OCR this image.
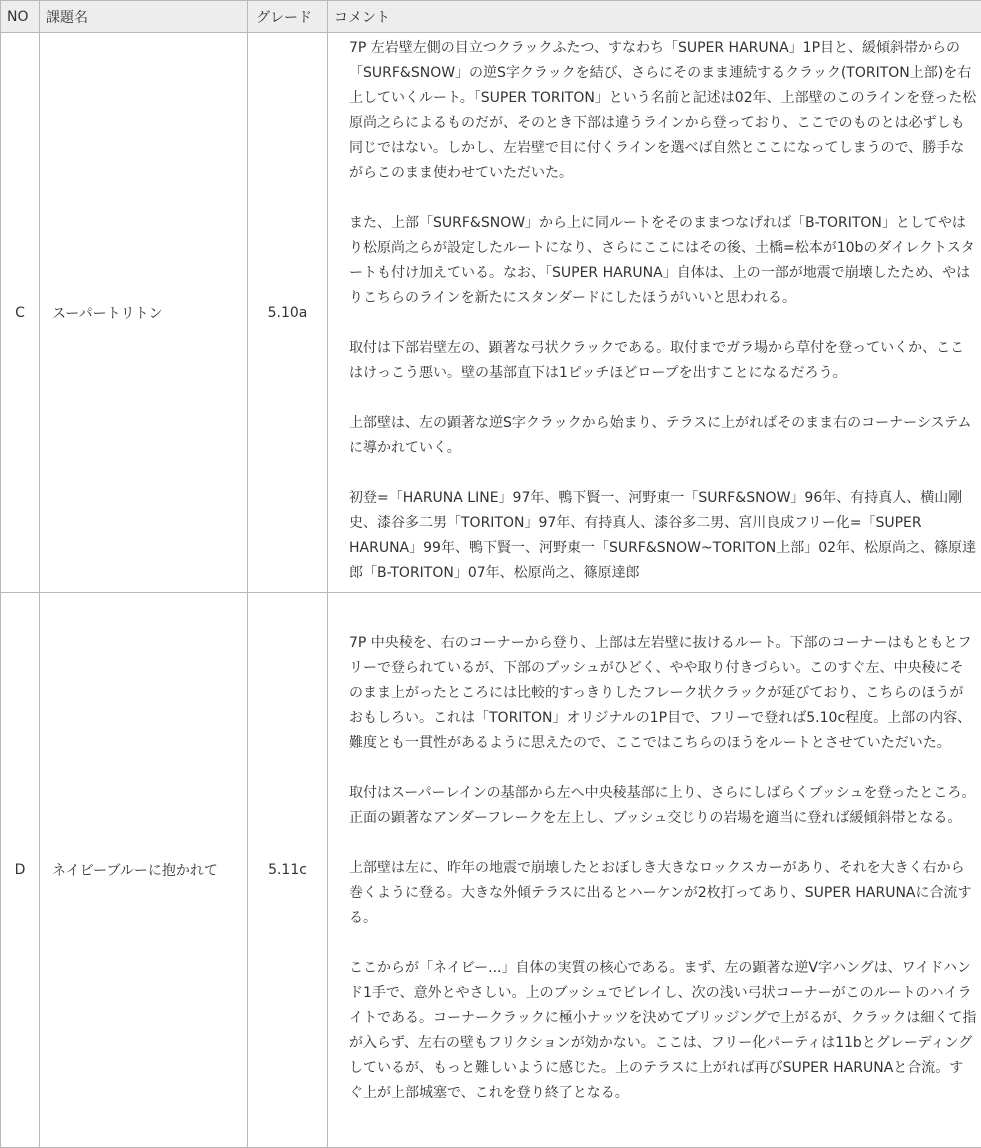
NO	課題名	グレード	コメント
C	スーパートリトン	5.10a	7P 左岩壁左側の目立つクラックふたつ、すなわち「SUPER HARUNA」1P目と、緩傾斜帯からの「SURF&SNOW」の逆S字クラックを結び、さらにそのまま連続するクラック(TORITON上部)を右上していくルート。「SUPER TORITON」という名前と記述は02年、上部壁のこのラインを登った松原尚之らによるものだが、そのとき下部は違うラインから登っており、ここでのものとは必ずしも同じではない。しかし、左岩壁で目に付くラインを選べば自然とここになってしまうので、勝手ながらこのまま使わせていただいた。

また、上部「SURF&SNOW」から上に同ルートをそのままつなげれば「B-TORITON」としてやはり松原尚之らが設定したルートになり、さらにここにはその後、土橋=松本が10bのダイレクトスタートも付け加えている。なお、「SUPER HARUNA」自体は、上の一部が地震で崩壊したため、やはりこちらのラインを新たにスタンダードにしたほうがいいと思われる。

取付は下部岩壁左の、顕著な弓状クラックである。取付までガラ場から草付を登っていくか、ここはけっこう悪い。壁の基部直下は1ピッチほどロープを出すことになるだろう。

上部壁は、左の顕著な逆S字クラックから始まり、テラスに上がればそのまま右のコーナーシステムに導かれていく。

初登=「HARUNA LINE」97年、鴨下賢一、河野東一「SURF&SNOW」96年、有持真人、横山剛史、漆谷多二男「TORITON」97年、有持真人、漆谷多二男、宮川良成フリー化=「SUPER HARUNA」99年、鴨下賢一、河野東一「SURF&SNOW~TORITON上部」02年、松原尚之、篠原達郎「B-TORITON」07年、松原尚之、篠原達郎

D	ネイビーブルーに抱かれて	5.11c	7P 中央稜を、右のコーナーから登り、上部は左岩壁に抜けるルート。下部のコーナーはもともとフリーで登られているが、下部のブッシュがひどく、やや取り付きづらい。このすぐ左、中央稜にそのまま上がったところには比較的すっきりしたフレーク状クラックが延びており、こちらのほうがおもしろい。これは「TORITON」オリジナルの1P目で、フリーで登れば5.10c程度。上部の内容、難度とも一貫性があるように思えたので、ここではこちらのほうをルートとさせていただいた。

取付はスーパーレインの基部から左へ中央稜基部に上り、さらにしばらくブッシュを登ったところ。正面の顕著なアンダーフレークを左上し、ブッシュ交じりの岩場を適当に登れば緩傾斜帯となる。

上部壁は左に、昨年の地震で崩壊したとおぼしき大きなロックスカーがあり、それを大きく右から巻くように登る。大きな外傾テラスに出るとハーケンが2枚打ってあり、SUPER HARUNAに合流する。

ここからが「ネイビー...」自体の実質の核心である。まず、左の顕著な逆V字ハングは、ワイドハンド1手で、意外とやさしい。上のブッシュでビレイし、次の浅い弓状コーナーがこのルートのハイライトである。コーナークラックに極小ナッツを決めてブリッジングで上がるが、クラックは細くて指が入らず、左右の壁もフリクションが効かない。ここは、フリー化パーティは11bとグレーディングしているが、もっと難しいように感じた。上のテラスに上がれば再びSUPER HARUNAと合流。すぐ上が上部城塞で、これを登り終了となる。
